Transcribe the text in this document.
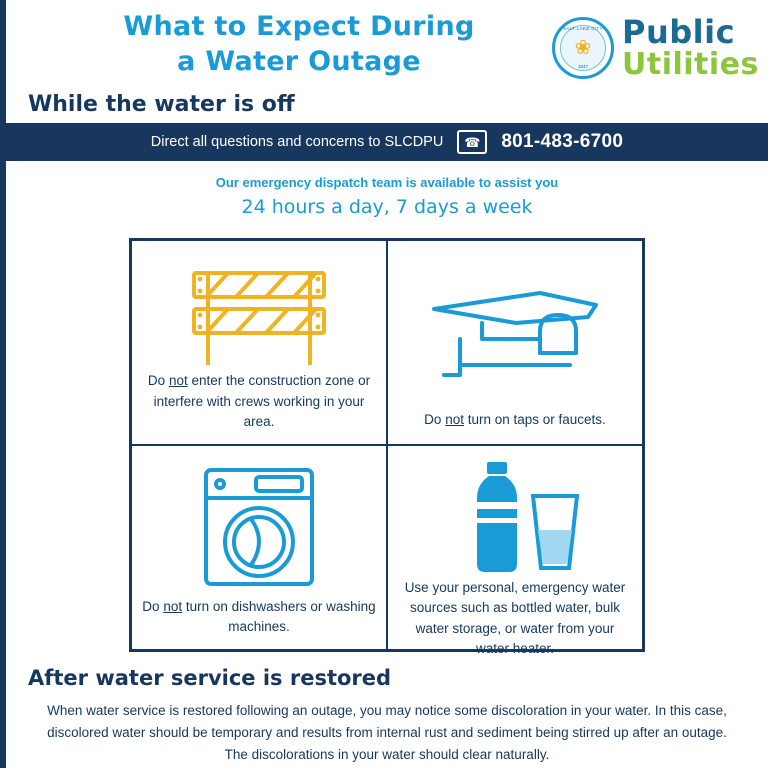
What to Expect During
a Water Outage
SALT LAKE CITY
❀
1847
Public
Utilities
While the water is off
Direct all questions and concerns to SLCDPU	☎	801-483-6700
Our emergency dispatch team is available to assist you
24 hours a day, 7 days a week
Do not enter the construction zone or interfere with crews working in your area.	Do not turn on taps or faucets.
Do not turn on dishwashers or washing machines.
Use your personal, emergency water sources such as bottled water, bulk water storage, or water from your water heater.
After water service is restored

When water service is restored following an outage, you may notice some discoloration in your water. In this case, discolored water should be temporary and results from internal rust and sediment being stirred up after an outage. The discolorations in your water should clear naturally.
